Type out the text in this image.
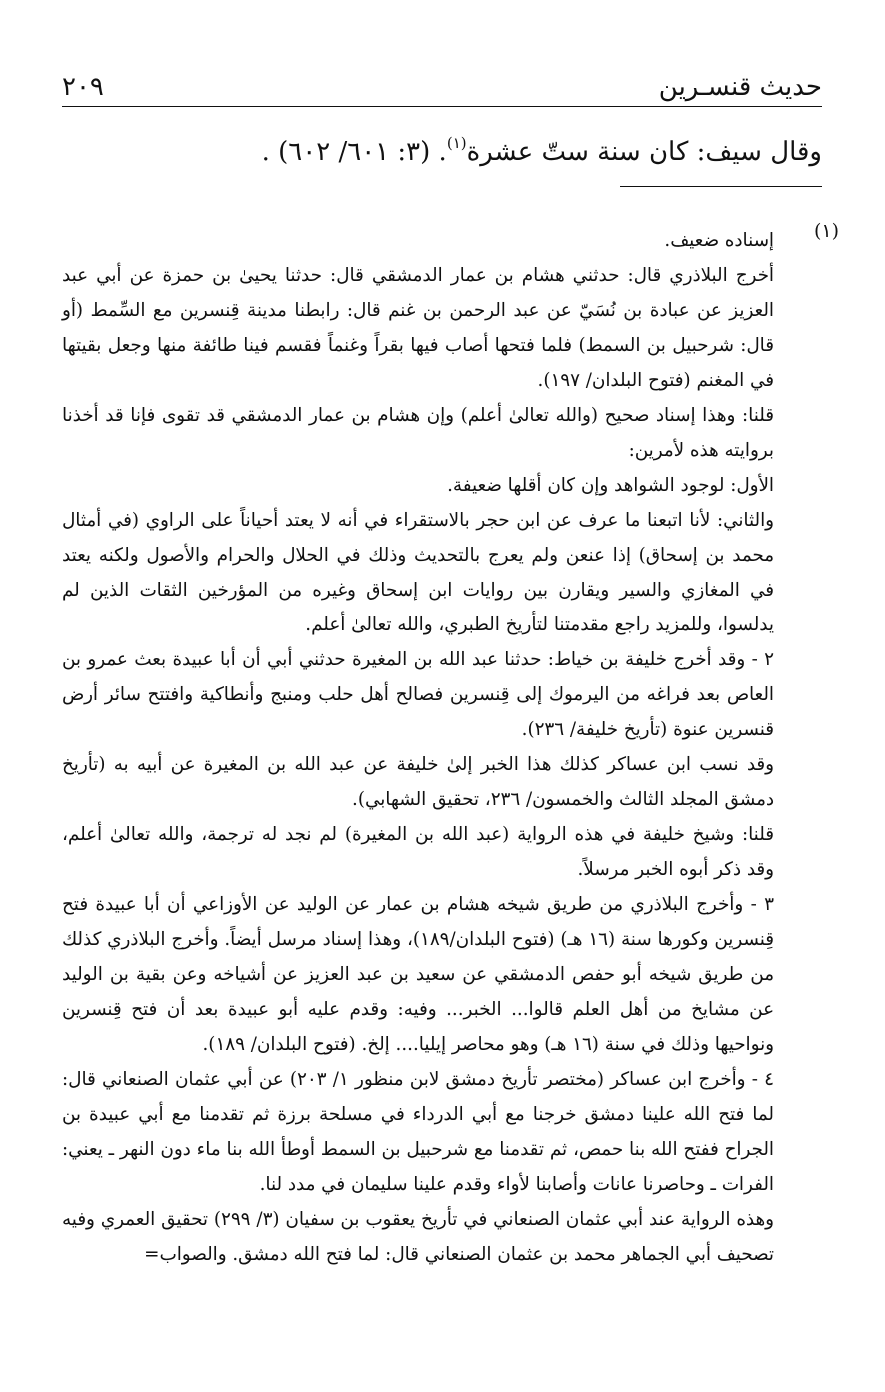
٢٠٩	حديث قنسـرين
وقال سيف: كان سنة ستّ عشرة$^{(١)}$. (٣: ٦٠١/ ٦٠٢) .
(١)

إسناده ضعيف.

أخرج البلاذري قال: حدثني هشام بن عمار الدمشقي قال: حدثنا يحيىٰ بن حمزة عن أبي عبد العزيز عن عبادة بن نُسَيّ عن عبد الرحمن بن غنم قال: رابطنا مدينة قِنسرين مع السِّمط (أو قال: شرحبيل بن السمط) فلما فتحها أصاب فيها بقراً وغنماً فقسم فينا طائفة منها وجعل بقيتها في المغنم (فتوح البلدان/ ١٩٧).

قلنا: وهذا إسناد صحيح (والله تعالىٰ أعلم) وإن هشام بن عمار الدمشقي قد تقوى فإنا قد أخذنا بروايته هذه لأمرين:

الأول: لوجود الشواهد وإن كان أقلها ضعيفة.

والثاني: لأنا اتبعنا ما عرف عن ابن حجر بالاستقراء في أنه لا يعتد أحياناً على الراوي (في أمثال محمد بن إسحاق) إذا عنعن ولم يعرج بالتحديث وذلك في الحلال والحرام والأصول ولكنه يعتد في المغازي والسير ويقارن بين روايات ابن إسحاق وغيره من المؤرخين الثقات الذين لم يدلسوا، وللمزيد راجع مقدمتنا لتأريخ الطبري، والله تعالىٰ أعلم.

٢ - وقد أخرج خليفة بن خياط: حدثنا عبد الله بن المغيرة حدثني أبي أن أبا عبيدة بعث عمرو بن العاص بعد فراغه من اليرموك إلى قِنسرين فصالح أهل حلب ومنبج وأنطاكية وافتتح سائر أرض قنسرين عنوة (تأريخ خليفة/ ٢٣٦).

وقد نسب ابن عساكر كذلك هذا الخبر إلىٰ خليفة عن عبد الله بن المغيرة عن أبيه به (تأريخ دمشق المجلد الثالث والخمسون/ ٢٣٦، تحقيق الشهابي).

قلنا: وشيخ خليفة في هذه الرواية (عبد الله بن المغيرة) لم نجد له ترجمة، والله تعالىٰ أعلم، وقد ذكر أبوه الخبر مرسلاً.

٣ - وأخرج البلاذري من طريق شيخه هشام بن عمار عن الوليد عن الأوزاعي أن أبا عبيدة فتح قِنسرين وكورها سنة (١٦ هـ) (فتوح البلدان/١٨٩)، وهذا إسناد مرسل أيضاً. وأخرج البلاذري كذلك من طريق شيخه أبو حفص الدمشقي عن سعيد بن عبد العزيز عن أشياخه وعن بقية بن الوليد عن مشايخ من أهل العلم قالوا... الخبر... وفيه: وقدم عليه أبو عبيدة بعد أن فتح قِنسرين ونواحيها وذلك في سنة (١٦ هـ) وهو محاصر إيليا.... إلخ. (فتوح البلدان/ ١٨٩).

٤ - وأخرج ابن عساكر (مختصر تأريخ دمشق لابن منظور ١/ ٢٠٣) عن أبي عثمان الصنعاني قال: لما فتح الله علينا دمشق خرجنا مع أبي الدرداء في مسلحة برزة ثم تقدمنا مع أبي عبيدة بن الجراح ففتح الله بنا حمص، ثم تقدمنا مع شرحبيل بن السمط أوطأ الله بنا ماء دون النهر ـ يعني: الفرات ـ وحاصرنا عانات وأصابنا لأواء وقدم علينا سليمان في مدد لنا.

وهذه الرواية عند أبي عثمان الصنعاني في تأريخ يعقوب بن سفيان (٣/ ٢٩٩) تحقيق العمري وفيه تصحيف أبي الجماهر محمد بن عثمان الصنعاني قال: لما فتح الله دمشق. والصواب=
